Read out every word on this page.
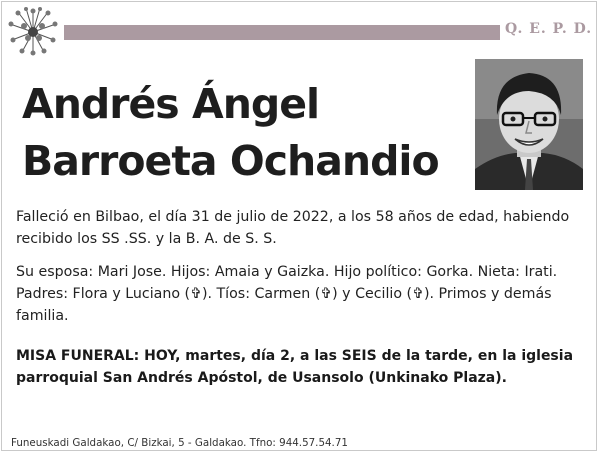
Q. E. P. D.
Andrés Ángel
Barroeta Ochandio
Falleció en Bilbao, el día 31 de julio de 2022, a los 58 años de edad, habiendo recibido los SS .SS. y la B. A. de S. S.
Su esposa: Mari Jose. Hijos: Amaia y Gaizka. Hijo político: Gorka. Nieta: Irati. Padres: Flora y Luciano (✞). Tíos: Carmen (✞) y Cecilio (✞). Primos y demás familia.
MISA FUNERAL: HOY, martes, día 2, a las SEIS de la tarde, en la iglesia parroquial San Andrés Apóstol, de Usansolo (Unkinako Plaza).
Funeuskadi Galdakao, C/ Bizkai, 5 - Galdakao. Tfno: 944.57.54.71
